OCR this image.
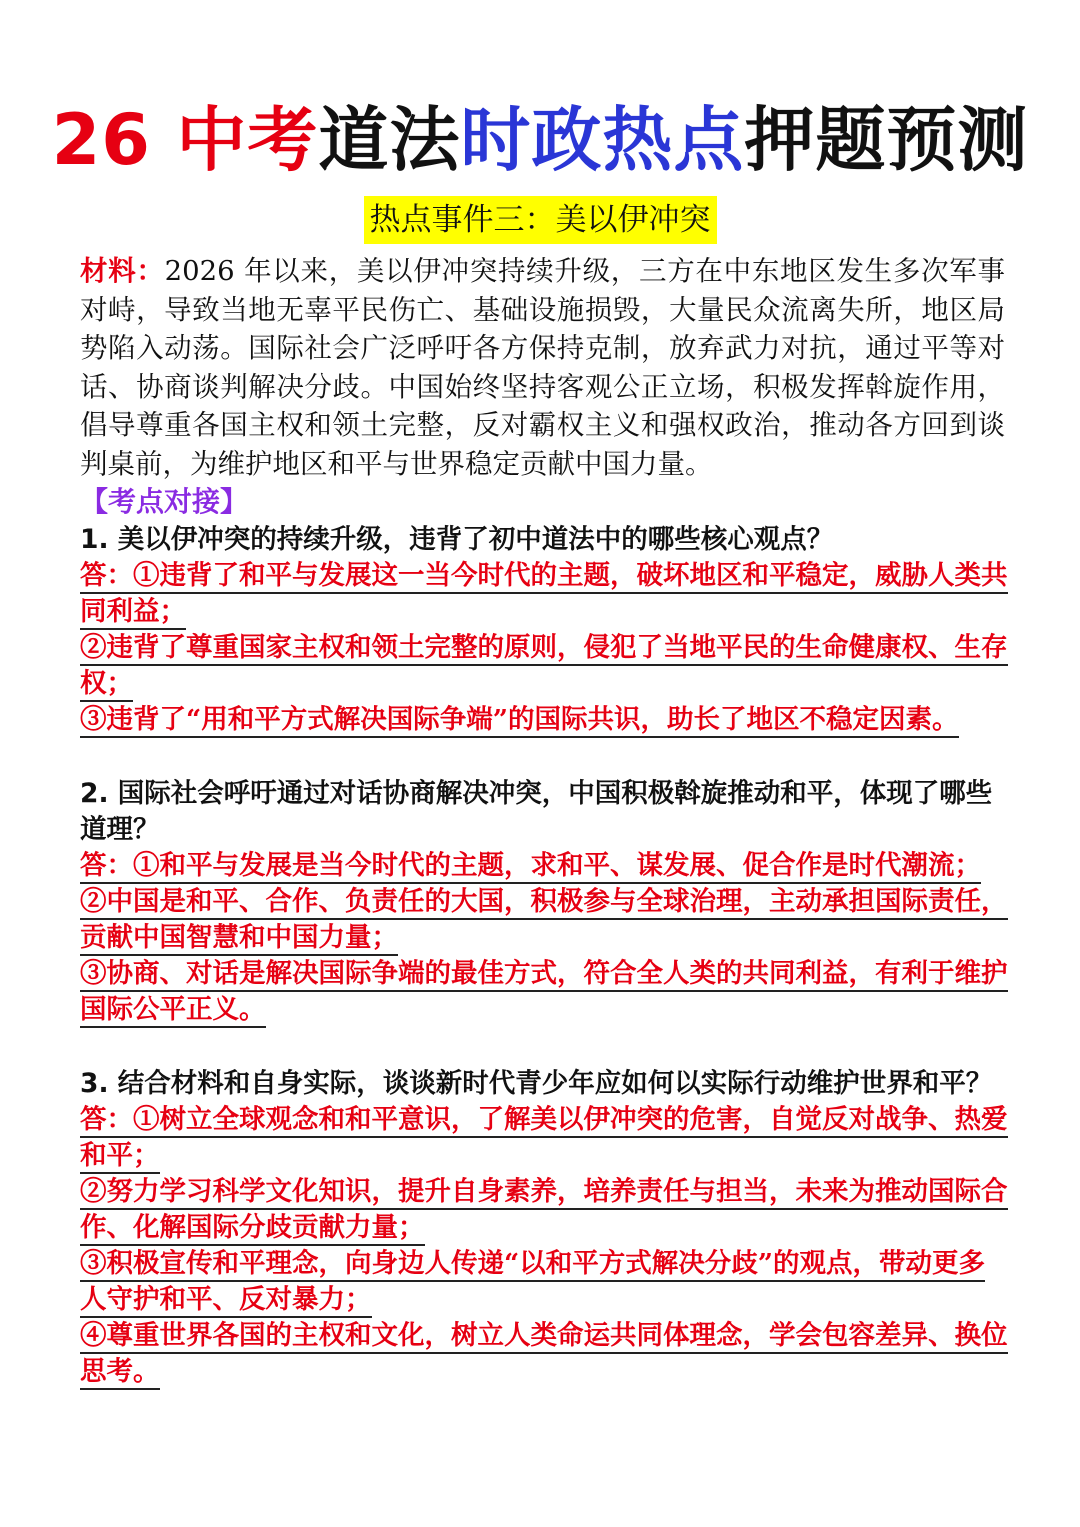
26 中考道法时政热点押题预测
热点事件三：美以伊冲突
材料：2026 年以来，美以伊冲突持续升级，三方在中东地区发生多次军事对峙，导致当地无辜平民伤亡、基础设施损毁，大量民众流离失所，地区局势陷入动荡。国际社会广泛呼吁各方保持克制，放弃武力对抗，通过平等对话、协商谈判解决分歧。中国始终坚持客观公正立场，积极发挥斡旋作用，倡导尊重各国主权和领土完整，反对霸权主义和强权政治，推动各方回到谈判桌前，为维护地区和平与世界稳定贡献中国力量。
【考点对接】

1. 美以伊冲突的持续升级，违背了初中道法中的哪些核心观点？

答：①违背了和平与发展这一当今时代的主题，破坏地区和平稳定，威胁人类共同利益；

②违背了尊重国家主权和领土完整的原则，侵犯了当地平民的生命健康权、生存权；

③违背了“用和平方式解决国际争端”的国际共识，助长了地区不稳定因素。

2. 国际社会呼吁通过对话协商解决冲突，中国积极斡旋推动和平，体现了哪些道理？

答：①和平与发展是当今时代的主题，求和平、谋发展、促合作是时代潮流；

②中国是和平、合作、负责任的大国，积极参与全球治理，主动承担国际责任，贡献中国智慧和中国力量；

③协商、对话是解决国际争端的最佳方式，符合全人类的共同利益，有利于维护国际公平正义。

3. 结合材料和自身实际，谈谈新时代青少年应如何以实际行动维护世界和平？

答：①树立全球观念和和平意识，了解美以伊冲突的危害，自觉反对战争、热爱和平；

②努力学习科学文化知识，提升自身素养，培养责任与担当，未来为推动国际合作、化解国际分歧贡献力量；

③积极宣传和平理念，向身边人传递“以和平方式解决分歧”的观点，带动更多人守护和平、反对暴力；

④尊重世界各国的主权和文化，树立人类命运共同体理念，学会包容差异、换位思考。
